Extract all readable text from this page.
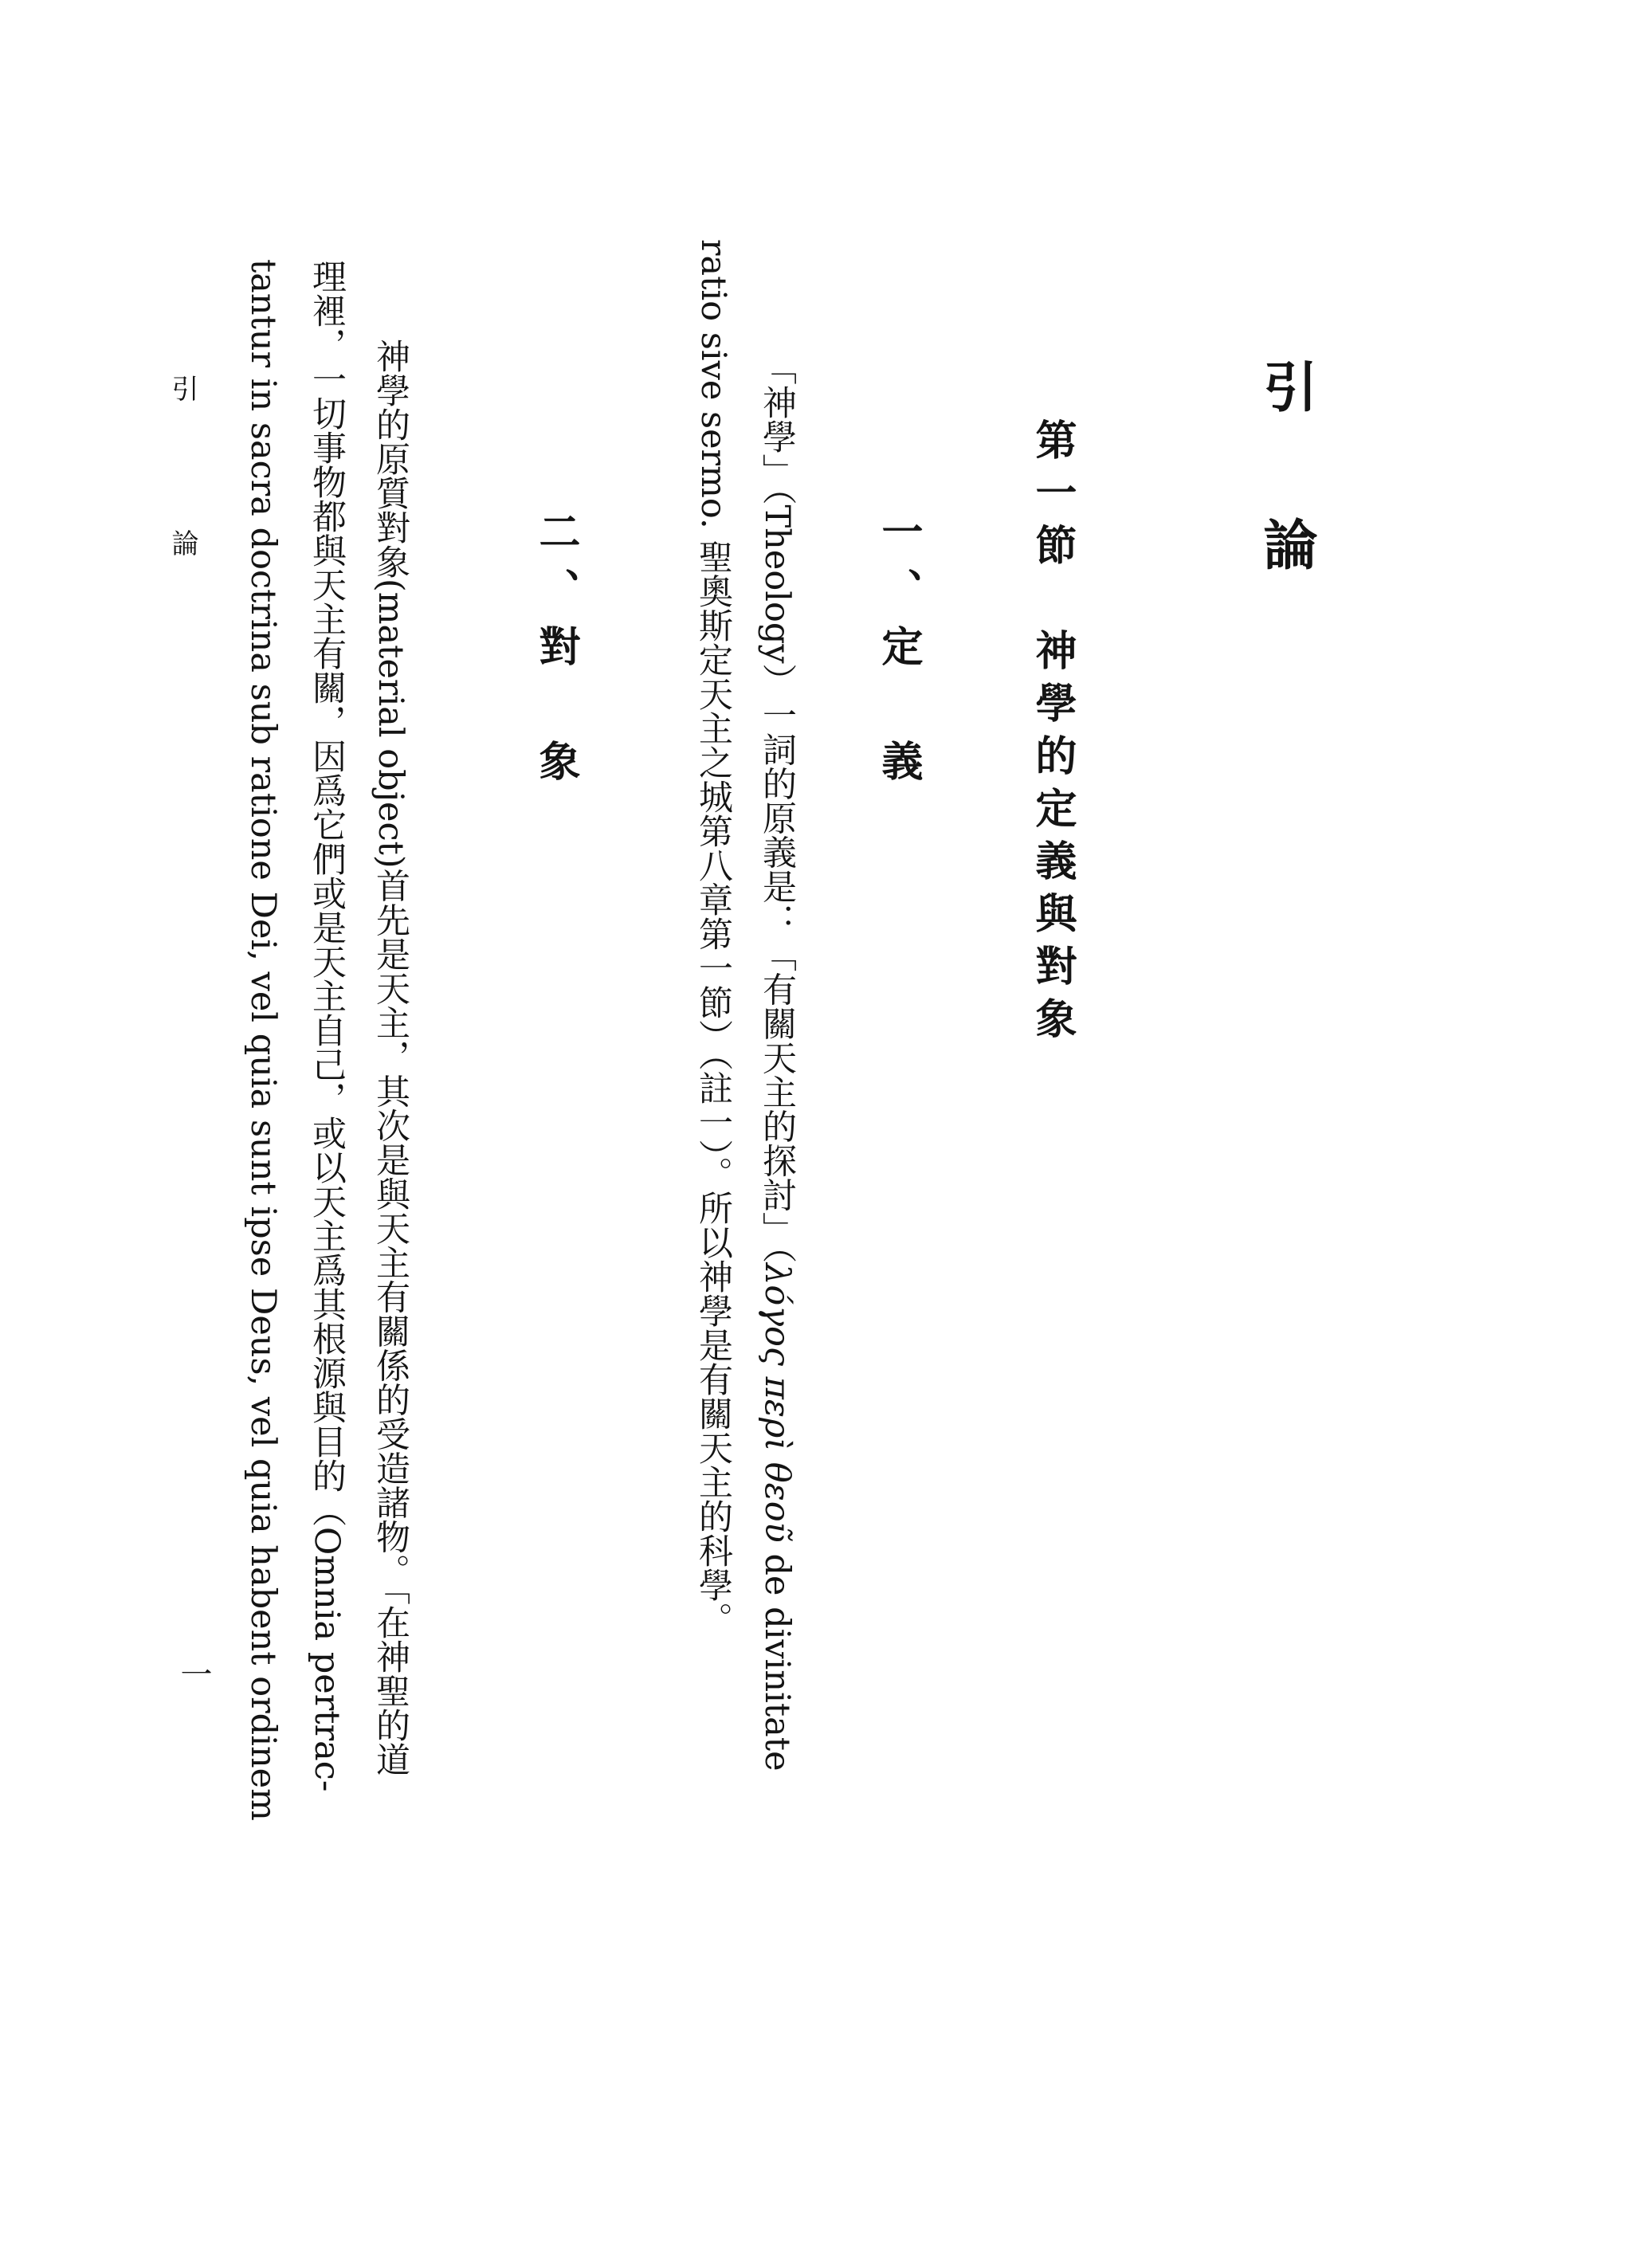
引論
第一節　神學的定義與對象
一、定　義
「神學」（Theology）一詞的原義是：「有關天主的探討」（λόγος περὶ θεοῦ de divinitate
ratio sive sermo. 聖奧斯定天主之城第八章第一節）（註一）。所以神學是有關天主的科學。
二、對　象
神學的原質對象(material object)首先是天主，其次是與天主有關係的受造諸物。「在神聖的道
理裡，一切事物都與天主有關，因爲它們或是天主自己，或以天主爲其根源與目的（Omnia pertrac-
tantur in sacra doctrina sub ratione Dei, vel quia sunt ipse Deus, vel quia habent ordinem
引論
一
